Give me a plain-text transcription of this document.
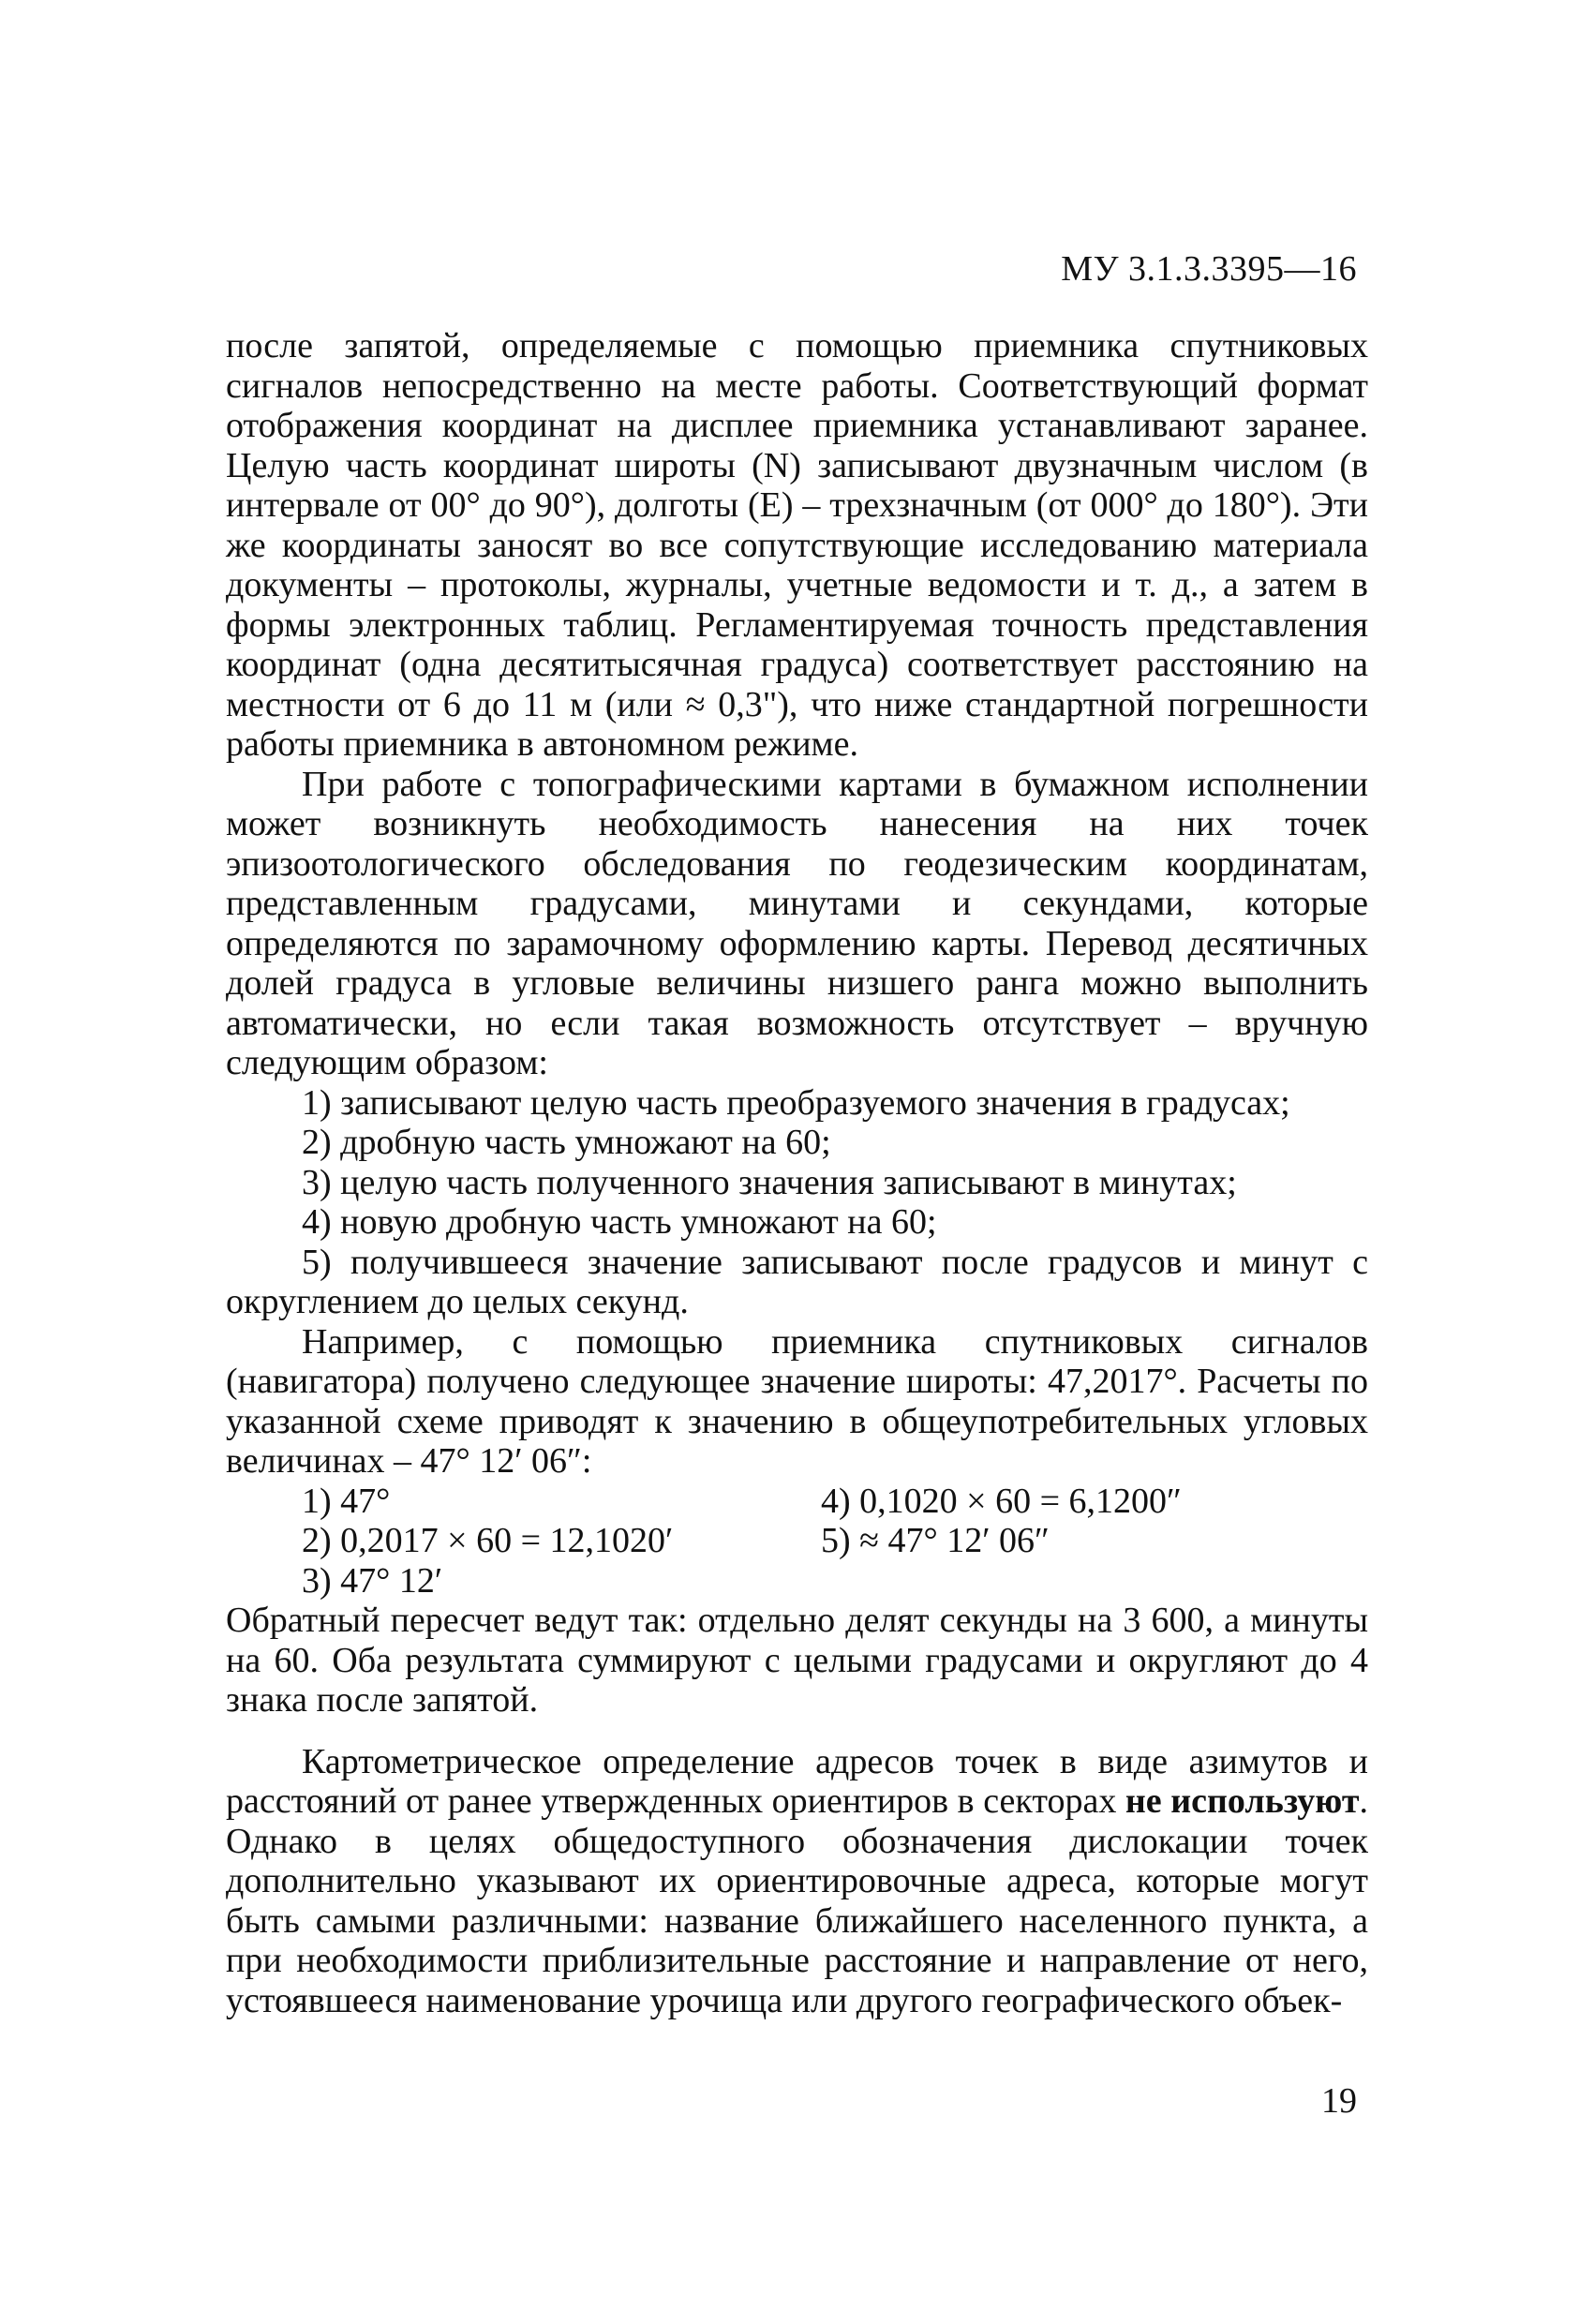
МУ 3.1.3.3395—16

после запятой, определяемые с помощью приемника спутниковых сигналов непосредственно на месте работы. Соответствующий формат отображения координат на дисплее приемника устанавливают заранее. Целую часть координат широты (N) записывают двузначным числом (в интервале от 00° до 90°), долготы (E) – трехзначным (от 000° до 180°). Эти же координаты заносят во все сопутствующие исследованию материала документы – протоколы, журналы, учетные ведомости и т. д., а затем в формы электронных таблиц. Регламентируемая точность представления координат (одна десятитысячная градуса) соответствует расстоянию на местности от 6 до 11 м (или ≈ 0,3"), что ниже стандартной погрешности работы приемника в автономном режиме.

При работе с топографическими картами в бумажном исполнении может возникнуть необходимость нанесения на них точек эпизоотологического обследования по геодезическим координатам, представленным градусами, минутами и секундами, которые определяются по зарамочному оформлению карты. Перевод десятичных долей градуса в угловые величины низшего ранга можно выполнить автоматически, но если такая возможность отсутствует – вручную следующим образом:

1) записывают целую часть преобразуемого значения в градусах;

2) дробную часть умножают на 60;

3) целую часть полученного значения записывают в минутах;

4) новую дробную часть умножают на 60;

5) получившееся значение записывают после градусов и минут с округлением до целых секунд.

Например, с помощью приемника спутниковых сигналов (навигатора) получено следующее значение широты: 47,2017°. Расчеты по указанной схеме приводят к значению в общеупотребительных угловых величинах – 47° 12′ 06″:

1) 47°	4) 0,1020 × 60 = 6,1200″
2) 0,2017 × 60 = 12,1020′	5) ≈ 47° 12′ 06″
3) 47° 12′

Обратный пересчет ведут так: отдельно делят секунды на 3 600, а минуты на 60. Оба результата суммируют с целыми градусами и округляют до 4 знака после запятой.

Картометрическое определение адресов точек в виде азимутов и расстояний от ранее утвержденных ориентиров в секторах не используют. Однако в целях общедоступного обозначения дислокации точек дополнительно указывают их ориентировочные адреса, которые могут быть самыми различными: название ближайшего населенного пункта, а при необходимости приблизительные расстояние и направление от него, устоявшееся наименование урочища или другого географического объек-

19
